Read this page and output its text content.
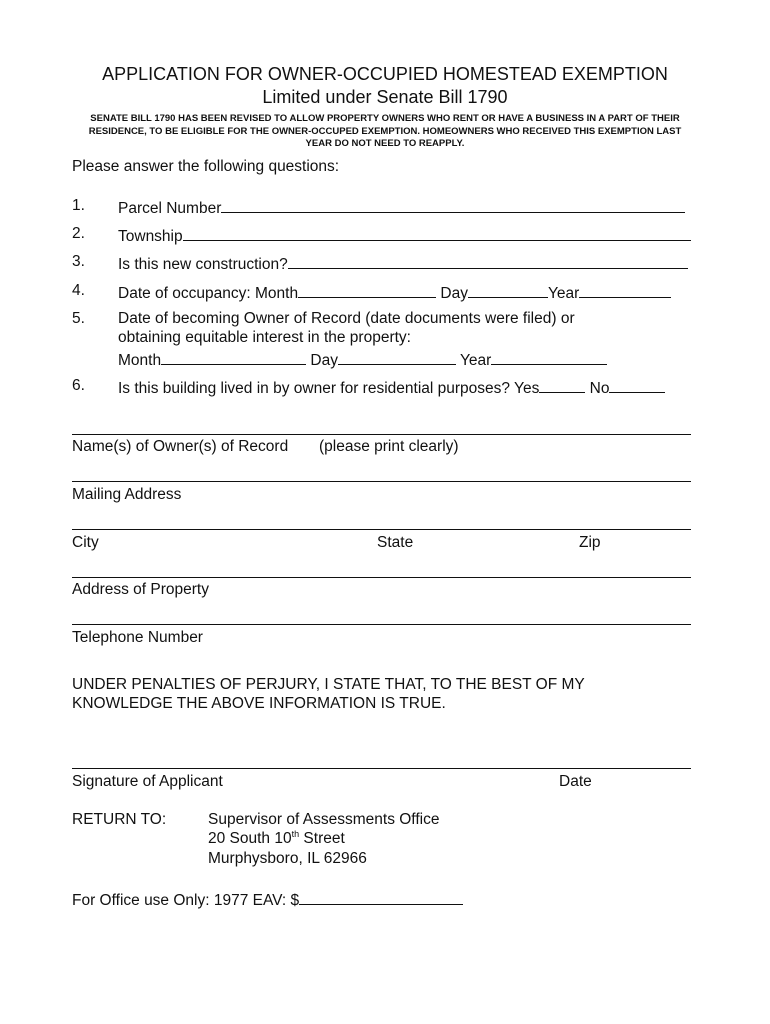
APPLICATION FOR OWNER-OCCUPIED HOMESTEAD EXEMPTION
Limited under Senate Bill 1790
SENATE BILL 1790 HAS BEEN REVISED TO ALLOW PROPERTY OWNERS WHO RENT OR HAVE A BUSINESS IN A PART OF THEIR RESIDENCE, TO BE ELIGIBLE FOR THE OWNER-OCCUPED EXEMPTION. HOMEOWNERS WHO RECEIVED THIS EXEMPTION LAST YEAR DO NOT NEED TO REAPPLY.
Please answer the following questions:
1. Parcel Number
2. Township
3. Is this new construction?
4. Date of occupancy: Month	Day	Year
5. Date of becoming Owner of Record (date documents were filed) or
obtaining equitable interest in the property:
Month	Day	Year
6. Is this building lived in by owner for residential purposes? Yes	No
Name(s) of Owner(s) of Record (please print clearly)
Mailing Address
City	State	Zip
Address of Property
Telephone Number
UNDER PENALTIES OF PERJURY, I STATE THAT, TO THE BEST OF MY
KNOWLEDGE THE ABOVE INFORMATION IS TRUE.
Signature of Applicant	Date
RETURN TO:	Supervisor of Assessments Office
20 South 10th Street
Murphysboro, IL 62966
For Office use Only: 1977 EAV: $
